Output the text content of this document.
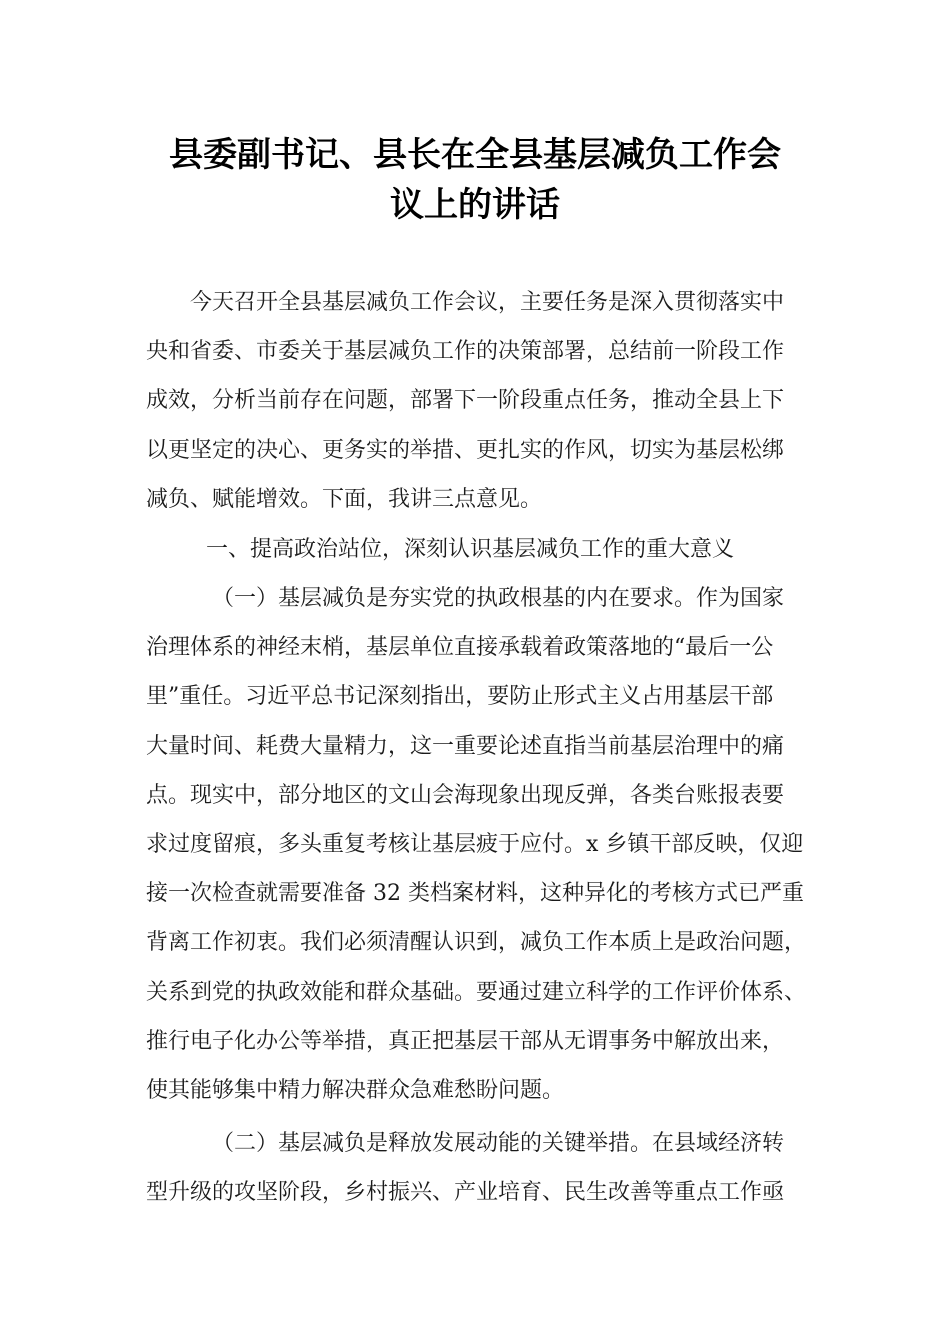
县委副书记、县长在全县基层减负工作会
议上的讲话
今天召开全县基层减负工作会议，主要任务是深入贯彻落实中
央和省委、市委关于基层减负工作的决策部署，总结前一阶段工作
成效，分析当前存在问题，部署下一阶段重点任务，推动全县上下
以更坚定的决心、更务实的举措、更扎实的作风，切实为基层松绑
减负、赋能增效。下面，我讲三点意见。
一、提高政治站位，深刻认识基层减负工作的重大意义
（一）基层减负是夯实党的执政根基的内在要求。作为国家
治理体系的神经末梢，基层单位直接承载着政策落地的“最后一公
里”重任。习近平总书记深刻指出，要防止形式主义占用基层干部
大量时间、耗费大量精力，这一重要论述直指当前基层治理中的痛
点。现实中，部分地区的文山会海现象出现反弹，各类台账报表要
求过度留痕，多头重复考核让基层疲于应付。x 乡镇干部反映，仅迎
接一次检查就需要准备 32 类档案材料，这种异化的考核方式已严重
背离工作初衷。我们必须清醒认识到，减负工作本质上是政治问题，
关系到党的执政效能和群众基础。要通过建立科学的工作评价体系、
推行电子化办公等举措，真正把基层干部从无谓事务中解放出来，
使其能够集中精力解决群众急难愁盼问题。
（二）基层减负是释放发展动能的关键举措。在县域经济转
型升级的攻坚阶段，乡村振兴、产业培育、民生改善等重点工作亟
